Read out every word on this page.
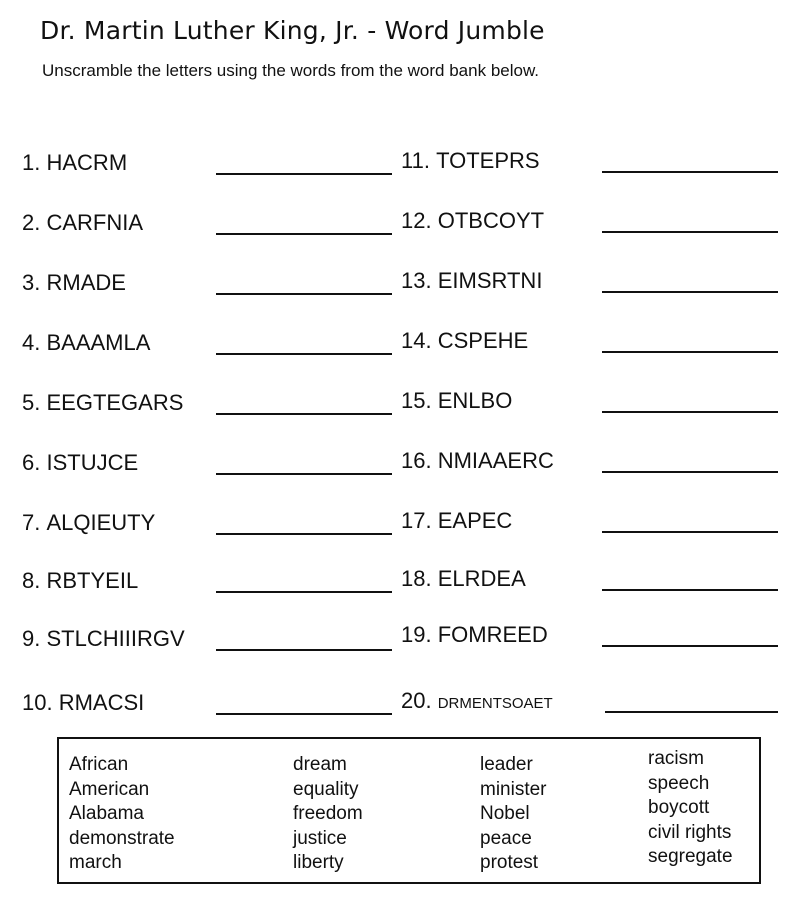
Dr. Martin Luther King, Jr. - Word Jumble
Unscramble the letters using the words from the word bank below.
1.
HACRM
2.
CARFNIA
3.
RMADE
4.
BAAAMLA
5.
EEGTEGARS
6.
ISTUJCE
7.
ALQIEUTY
8.
RBTYEIL
9.
STLCHIIIRGV
10.
RMACSI
11.
TOTEPRS
12.
OTBCOYT
13.
EIMSRTNI
14.
CSPEHE
15.
ENLBO
16.
NMIAAERC
17.
EAPEC
18.
ELRDEA
19.
FOMREED
20.
DRMENTSOAET
African
American
Alabama
demonstrate
march
dream
equality
freedom
justice
liberty
leader
minister
Nobel
peace
protest
racism
speech
boycott
civil rights
segregate
